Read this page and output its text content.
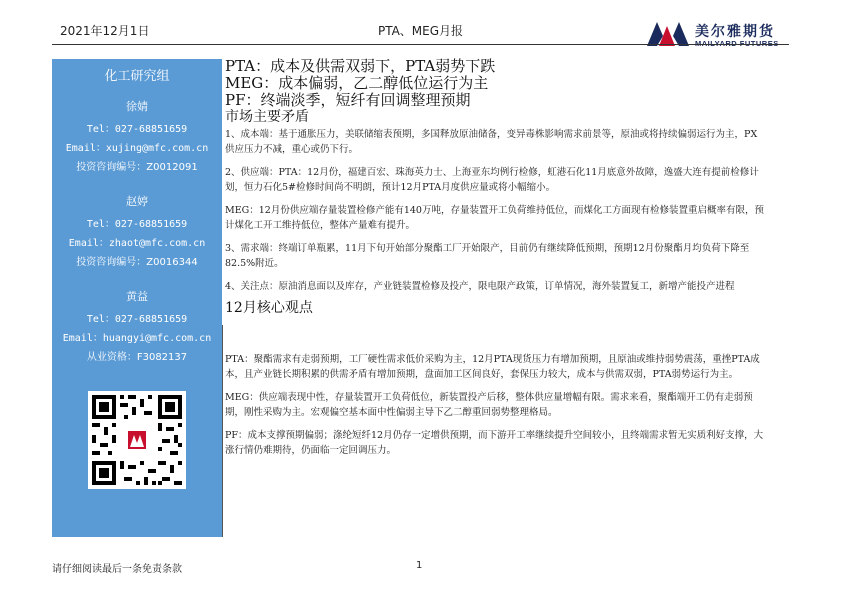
2021年12月1日	PTA、MEG月报	美尔雅期货
MAILYARD FUTURES
化工研究组
徐婧
Tel：027-68851659
Email：xujing@mfc.com.cn
投资咨询编号：Z0012091
赵婷
Tel：027-68851659
Email：zhaot@mfc.com.cn
投资咨询编号：Z0016344
黄益
Tel：027-68851659
Email：huangyi@mfc.com.cn
从业资格：F3082137
PTA：成本及供需双弱下，PTA弱势下跌
MEG：成本偏弱，乙二醇低位运行为主
PF：终端淡季，短纤有回调整理预期
市场主要矛盾

1、成本端：基于通胀压力，美联储缩表预期，多国释放原油储备，变异毒株影响需求前景等，原油或将持续偏弱运行为主，PX供应压力不减，重心或仍下行。

2、供应端：PTA：12月份，福建百宏、珠海英力士、上海亚东均例行检修，虹港石化11月底意外故障，逸盛大连有提前检修计划，恒力石化5#检修时间尚不明朗，预计12月PTA月度供应量或将小幅缩小。

MEG：12月份供应端存量装置检修产能有140万吨，存量装置开工负荷维持低位，而煤化工方面现有检修装置重启概率有限，预计煤化工开工维持低位，整体产量难有提升。

3、需求端：终端订单瓶累，11月下旬开始部分聚酯工厂开始限产，目前仍有继续降低预期，预期12月份聚酯月均负荷下降至82.5%附近。

4、关注点：原油消息面以及库存，产业链装置检修及投产，限电限产政策，订单情况，海外装置复工，新增产能投产进程

12月核心观点

PTA：聚酯需求有走弱预期，工厂硬性需求低价采购为主，12月PTA现货压力有增加预期，且原油或维持弱势震荡，重挫PTA成本，且产业链长期积累的供需矛盾有增加预期，盘面加工区间良好，套保压力较大，成本与供需双弱，PTA弱势运行为主。

MEG：供应端表现中性，存量装置开工负荷低位，新装置投产后移，整体供应量增幅有限。需求来看，聚酯端开工仍有走弱预期，刚性采购为主。宏观偏空基本面中性偏弱主导下乙二醇重回弱势整理格局。

PF：成本支撑预期偏弱；涤纶短纤12月仍存一定增供预期，而下游开工率继续提升空间较小，且终端需求暂无实质利好支撑，大涨行情仍难期待，仍面临一定回调压力。

请仔细阅读最后一条免责条款	1
